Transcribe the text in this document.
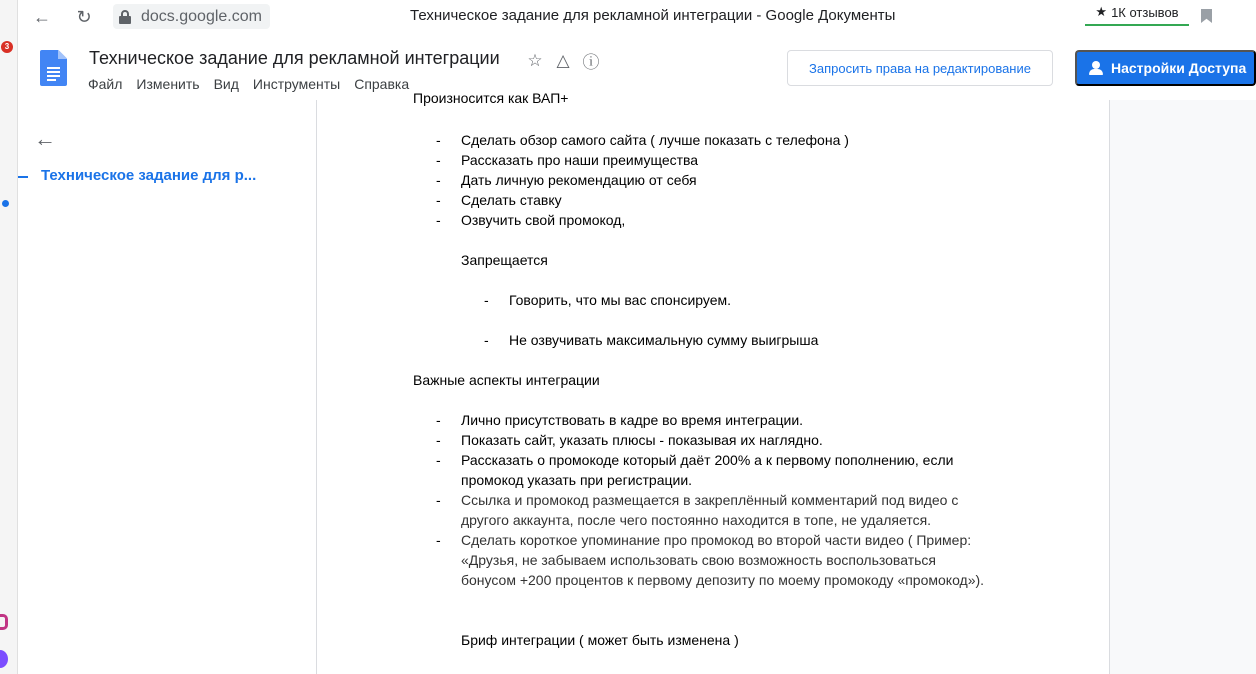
3
← ↻	docs.google.com	Техническое задание для рекламной интеграции - Google Документы	★ 1К отзывов
Техническое задание для рекламной интеграции ☆ △ ⓘ
Файл Изменить Вид Инструменты Справка
Запросить права на редактирование	Настройки Доступа
←
Техническое задание для р...
Произносится как ВАП+
- Сделать обзор самого сайта ( лучше показать с телефона )
- Рассказать про наши преимущества
- Дать личную рекомендацию от себя
- Сделать ставку
- Озвучить свой промокод,
Запрещается
- Говорить, что мы вас спонсируем.
- Не озвучивать максимальную сумму выигрыша
Важные аспекты интеграции
- Лично присутствовать в кадре во время интеграции.
- Показать сайт, указать плюсы - показывая их наглядно.
- Рассказать о промокоде который даёт 200% а к первому пополнению, если
промокод указать при регистрации.
- Ссылка и промокод размещается в закреплённый комментарий под видео с
другого аккаунта, после чего постоянно находится в топе, не удаляется.
- Сделать короткое упоминание про промокод во второй части видео ( Пример:
«Друзья, не забываем использовать свою возможность воспользоваться
бонусом +200 процентов к первому депозиту по моему промокоду «промокод»).
Бриф интеграции ( может быть изменена )
